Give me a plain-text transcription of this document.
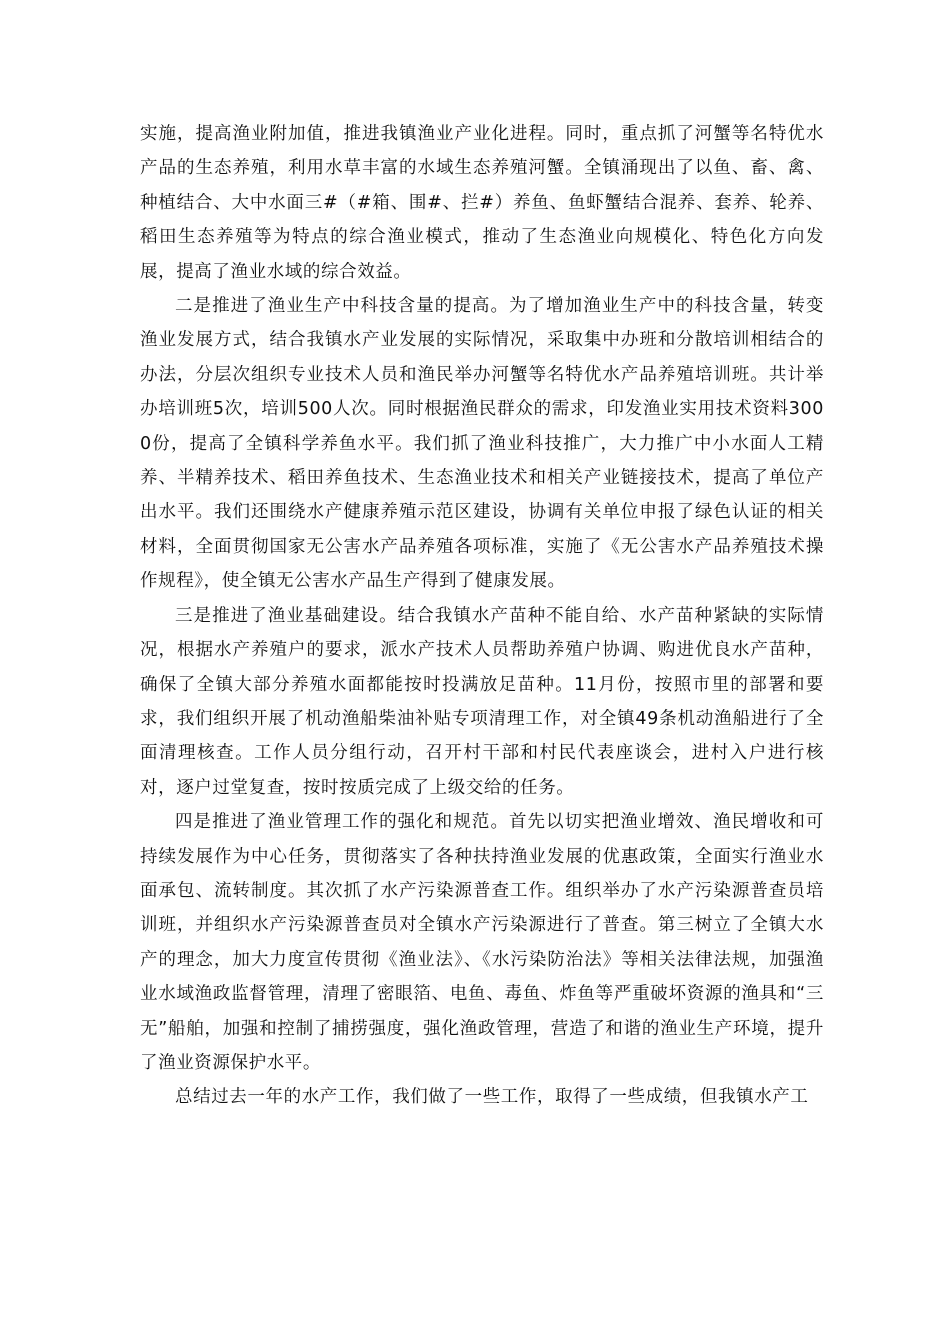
实施，提高渔业附加值，推进我镇渔业产业化进程。同时，重点抓了河蟹等名特优水产品的生态养殖，利用水草丰富的水域生态养殖河蟹。全镇涌现出了以鱼、畜、禽、种植结合、大中水面三#（#箱、围#、拦#）养鱼、鱼虾蟹结合混养、套养、轮养、稻田生态养殖等为特点的综合渔业模式，推动了生态渔业向规模化、特色化方向发展，提高了渔业水域的综合效益。

二是推进了渔业生产中科技含量的提高。为了增加渔业生产中的科技含量，转变渔业发展方式，结合我镇水产业发展的实际情况，采取集中办班和分散培训相结合的办法，分层次组织专业技术人员和渔民举办河蟹等名特优水产品养殖培训班。共计举办培训班5次，培训500人次。同时根据渔民群众的需求，印发渔业实用技术资料3000份，提高了全镇科学养鱼水平。我们抓了渔业科技推广，大力推广中小水面人工精养、半精养技术、稻田养鱼技术、生态渔业技术和相关产业链接技术，提高了单位产出水平。我们还围绕水产健康养殖示范区建设，协调有关单位申报了绿色认证的相关材料，全面贯彻国家无公害水产品养殖各项标准，实施了《无公害水产品养殖技术操作规程》，使全镇无公害水产品生产得到了健康发展。

三是推进了渔业基础建设。结合我镇水产苗种不能自给、水产苗种紧缺的实际情况，根据水产养殖户的要求，派水产技术人员帮助养殖户协调、购进优良水产苗种，确保了全镇大部分养殖水面都能按时投满放足苗种。11月份，按照市里的部署和要求，我们组织开展了机动渔船柴油补贴专项清理工作，对全镇49条机动渔船进行了全面清理核查。工作人员分组行动，召开村干部和村民代表座谈会，进村入户进行核对，逐户过堂复查，按时按质完成了上级交给的任务。

四是推进了渔业管理工作的强化和规范。首先以切实把渔业增效、渔民增收和可持续发展作为中心任务，贯彻落实了各种扶持渔业发展的优惠政策，全面实行渔业水面承包、流转制度。其次抓了水产污染源普查工作。组织举办了水产污染源普查员培训班，并组织水产污染源普查员对全镇水产污染源进行了普查。第三树立了全镇大水产的理念，加大力度宣传贯彻《渔业法》、《水污染防治法》等相关法律法规，加强渔业水域渔政监督管理，清理了密眼箔、电鱼、毒鱼、炸鱼等严重破坏资源的渔具和“三无”船舶，加强和控制了捕捞强度，强化渔政管理，营造了和谐的渔业生产环境，提升了渔业资源保护水平。

总结过去一年的水产工作，我们做了一些工作，取得了一些成绩，但我镇水产工
